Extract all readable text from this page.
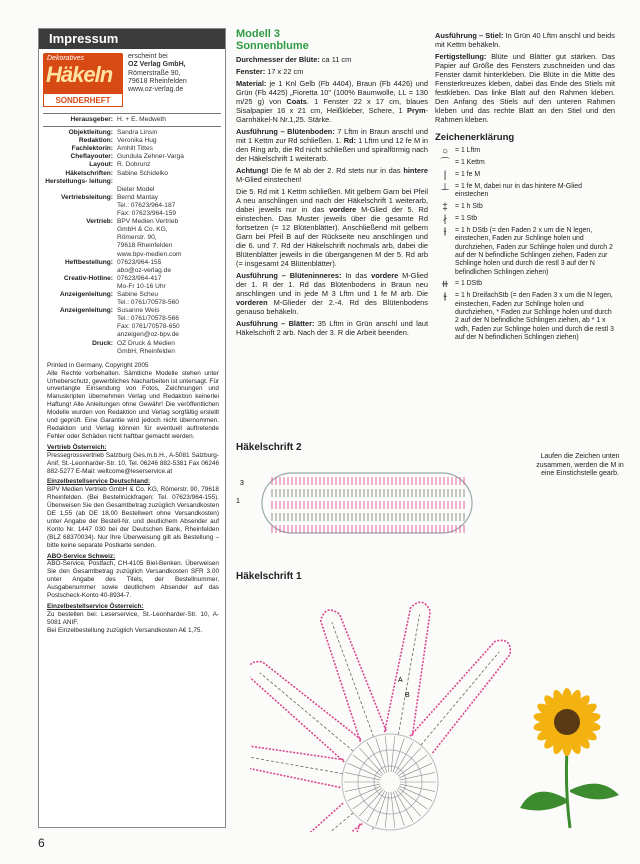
Impressum
Dekoratives
Häkeln
SONDERHEFT
erscheint bei
OZ Verlag GmbH,
Römerstraße 90,
79618 Rheinfelden
www.oz-verlag.de
Herausgeber: H. + E. Medweth
Objektleitung: Sandra Linsin
Redaktion: Veronika Hug
Fachlektorin: Amhilt Tittes
Cheflayouter: Gundula Zehner-Varga
Layout: R. Dobrunz
Häkelschriften: Sabine Schidelko
Herstellungs- leitung:

Dieter Model
Vertriebsleitung: Bernd Mantay
Tel.: 07623/964-187
Fax: 07623/964-159
Vertrieb: BPV Medien Vertrieb
GmbH & Co. KG,
Römerstr. 90,
79618 Rheinfelden
www.bpv-medien.com
Heftbestellung: 07623/964-155
abo@oz-verlag.de
Creativ-Hotline: 07623/964-417
Mo-Fr 10-16 Uhr
Anzeigenleitung: Sabine Scheu
Tel.: 0761/70578-560
Anzeigenleitung: Susanne Weis
Tel.: 0761/70578-566
Fax: 0761/70578-650
anzeigen@oz-bpv.de
Druck: OZ Druck & Medien
GmbH, Rheinfelden
Printed in Germany, Copyright 2005
Alle Rechte vorbehalten. Sämtliche Modelle stehen unter Urheberschutz, gewerbliches Nacharbeiten ist untersagt. Für unverlangte Einsendung von Fotos, Zeichnungen und Manuskripten übernehmen Verlag und Redaktion keinerlei Haftung! Alle Anleitungen ohne Gewähr! Die veröffentlichen Modelle wurden von Redaktion und Verlag sorgfältig erstellt und geprüft. Eine Garantie wird jedoch nicht übernommen. Redaktion und Verlag können für eventuell auftretende Fehler oder Schäden nicht haftbar gemacht werden.
Vertrieb Österreich:
Pressegrossvertrieb Salzburg Ges.m.b.H., A-5081 Salzburg-Anif, St.-Leonharder-Str. 10, Tel. 06246 882-5381 Fax 06246 882-5277 E-Mail: weltcome@leserservice.at
Einzelbestellservice Deutschland:
BPV Medien Vertrieb GmbH & Co. KG, Römerstr. 90, 79618 Rheinfelden. (Bei Bestellrückfragen: Tel. 07623/964-155). Überweisen Sie den Gesamtbetrag zuzüglich Versandkosten DE 1,55 (ab DE 18,00 Bestellwert ohne Versandkosten) unter Angabe der Bestell-Nr. und deutlichem Absender auf Konto Nr. 1447 030 bei der Deutschen Bank, Rheinfelden (BLZ 68370034). Nur Ihre Überweisung gilt als Bestellung – bitte keine separate Postkarte senden.
ABO-Service Schweiz:
ABO-Service, Postfach, CH-4105 Biel-Benken. Überweisen Sie den Gesamtbetrag zuzüglich Versandkosten SFR 3.00 unter Angabe des Titels, der Bestellnummer, Ausgabenummer sowie deutlichem Absender auf das Postscheck-Konto 40-8934-7.
Einzelbestellservice Österreich:
Zu bestellen bei: Leserservice, St.-Leonharder-Str. 10, A-5081 ANIF.
Bei Einzelbestellung zuzüglich Versandkosten A€ 1,75.
Modell 3
Sonnenblume
Durchmesser der Blüte: ca 11 cm
Fenster: 17 x 22 cm
Material: je 1 Knl Gelb (Fb 4404), Braun (Fb 4426) und Grün (Fb 4425) „Fioretta 10" (100% Baumwolle, LL = 130 m/25 g) von Coats. 1 Fenster 22 x 17 cm, blaues Sisalpapier 16 x 21 cm, Heißkleber, Schere, 1 Prym-Garnhäkel-N Nr.1,25. Stärke.
Ausführung – Blütenboden: 7 Lftm in Braun anschl und mit 1 Kettm zur Rd schließen. 1. Rd: 1 Lftm und 12 fe M in den Ring arb, die Rd nicht schließen und spiralförmig nach der Häkelschrift 1 weiterarb.
Achtung! Die fe M ab der 2. Rd stets nur in das hintere M-Glied einstechen!
Die 5. Rd mit 1 Kettm schließen. Mit gelbem Garn bei Pfeil A neu anschlingen und nach der Häkelschrift 1 weiterarb, dabei jeweils nur in das vordere M-Glied der 5. Rd einstechen. Das Muster jeweils über die gesamte Rd fortsetzen (= 12 Blütenblätter). Anschließend mit gelbem Garn bei Pfeil B auf der Rückseite neu anschlingen und die 6. und 7. Rd der Häkelschrift nochmals arb, dabei die Blütenblätter jeweils in die übergangenen M der 5. Rd arb (= insgesamt 24 Blütenblätter).
Ausführung – Blüteninneres: In das vordere M-Glied der 1. R der 1. Rd das Blütenbodens in Braun neu anschlingen und in jede M 3 Lftm und 1 fe M arb. Die vorderen M-Glieder der 2.-4. Rd des Blütenbodens genauso behäkeln.
Ausführung – Blätter: 35 Lftm in Grün anschl und laut Häkelschrift 2 arb. Nach der 3. R die Arbeit beenden.
Ausführung – Stiel: In Grün 40 Lftm anschl und beids mit Kettm behäkeln.
Fertigstellung: Blüte und Blätter gut stärken. Das Papier auf Größe des Fensters zuschneiden und das Fenster damit hinterkleben. Die Blüte in die Mitte des Fensterkreuzes kleben, dabei das Ende des Stiels mit festkleben. Das linke Blatt auf den Rahmen kleben. Den Anfang des Stiels auf den unteren Rahmen kleben und das rechte Blatt an den Stiel und den Rahmen kleben.
Zeichenerklärung
○	= 1 Lftm
⌒ = 1 Kettm
|	= 1 fe M
⊥ = 1 fe M, dabei nur in das hintere M-Glied einstechen
‡	= 1 h Stb
∤	= 1 Stb
⫲	= 1 h DStb (= den Faden 2 x um die N legen, einstechen, Faden zur Schlinge holen und durchziehen, Faden zur Schlinge holen und durch 2 auf der N befindliche Schlingen ziehen, Faden zur Schlinge holen und durch die restl 3 auf der N befindlichen Schlingen ziehen)
⧺ = 1 DStb
⫳	= 1 h DreifachStb (= den Faden 3 x um die N legen, einstechen, Faden zur Schlinge holen und durchziehen, * Faden zur Schlinge holen und durch 2 auf der N befindliche Schlingen ziehen, ab * 1 x wdh, Faden zur Schlinge holen und durch die restl 3 auf der N befindlichen Schlingen ziehen)
Häkelschrift 2
3
1
Laufen die Zeichen unten zusammen, werden die M in eine Einstichstelle gearb.
Häkelschrift 1
A
B
6
